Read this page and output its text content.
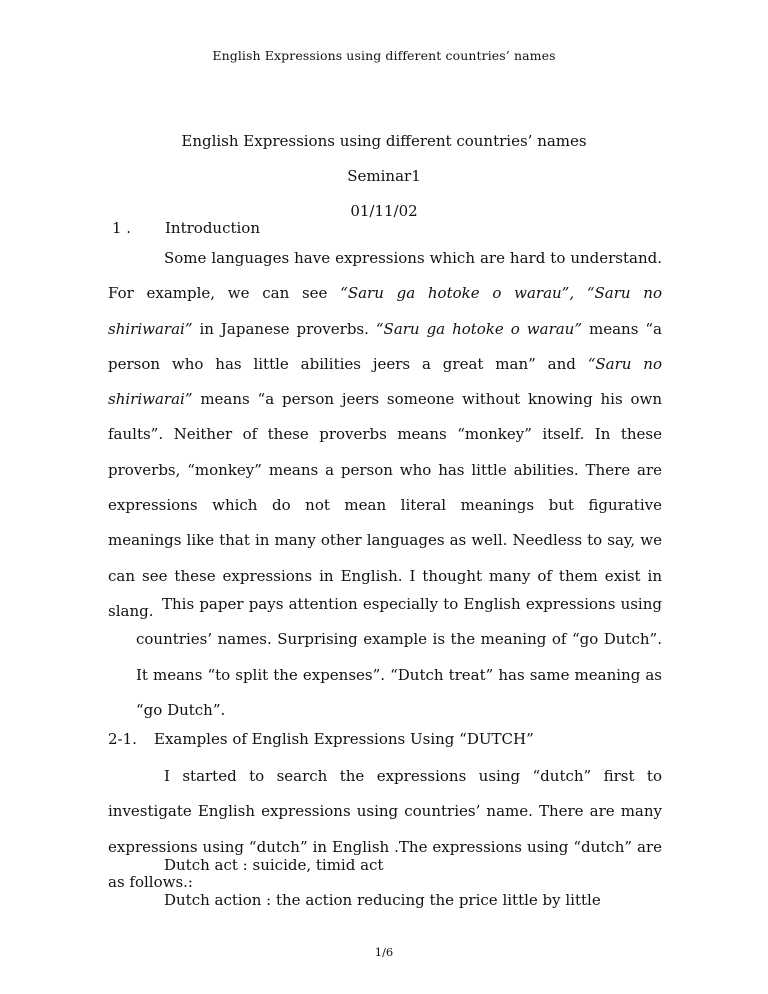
English Expressions using different countries’ names
English Expressions using different countries’ names
Seminar1
01/11/02
1 . Introduction
Some languages have expressions which are hard to understand. For example, we can see “Saru ga hotoke o warau”, “Saru no shiriwarai” in Japanese proverbs. “Saru ga hotoke o warau” means “a person who has little abilities jeers a great man” and “Saru no shiriwarai” means “a person jeers someone without knowing his own faults”. Neither of these proverbs means “monkey” itself. In these proverbs, “monkey” means a person who has little abilities. There are expressions which do not mean literal meanings but figurative meanings like that in many other languages as well. Needless to say, we can see these expressions in English. I thought many of them exist in slang. This paper pays attention especially to English expressions using countries’ names. Surprising example is the meaning of “go Dutch”. It means “to split the expenses”. “Dutch treat” has same meaning as “go Dutch”.
2-1. Examples of English Expressions Using “DUTCH”
I started to search the expressions using “dutch” first to investigate English expressions using countries’ name. There are many expressions using “dutch” in English .The expressions using “dutch” are as follows.:
Dutch act : suicide, timid act
Dutch action : the action reducing the price little by little
1/6
